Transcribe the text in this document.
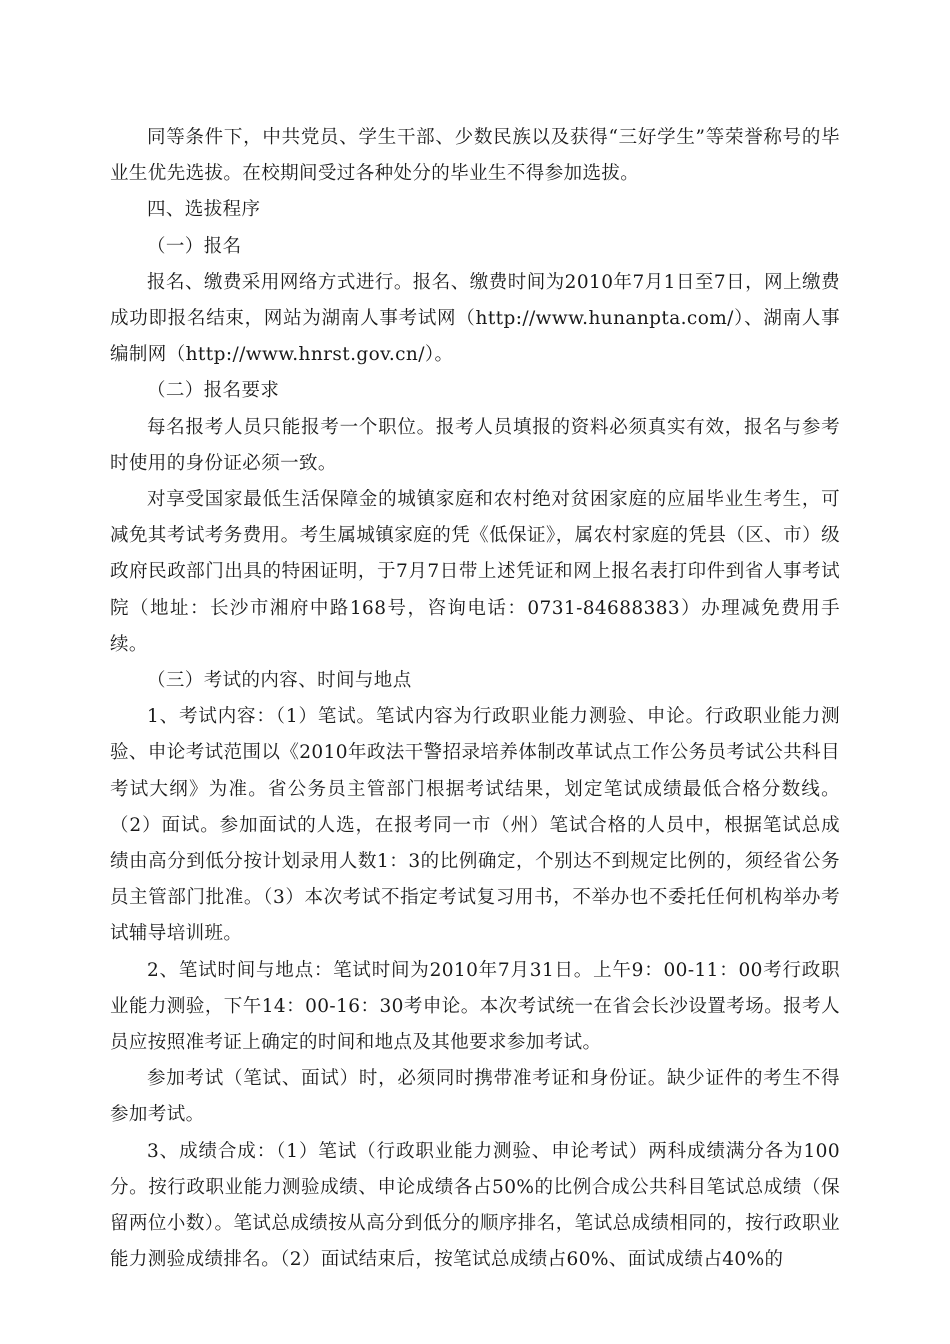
同等条件下，中共党员、学生干部、少数民族以及获得“三好学生”等荣誉称号的毕业生优先选拔。在校期间受过各种处分的毕业生不得参加选拔。

四、选拔程序

（一）报名

报名、缴费采用网络方式进行。报名、缴费时间为2010年7月1日至7日，网上缴费成功即报名结束，网站为湖南人事考试网（http://www.hunanpta.com/）、湖南人事编制网（http://www.hnrst.gov.cn/）。

（二）报名要求

每名报考人员只能报考一个职位。报考人员填报的资料必须真实有效，报名与参考时使用的身份证必须一致。

对享受国家最低生活保障金的城镇家庭和农村绝对贫困家庭的应届毕业生考生，可减免其考试考务费用。考生属城镇家庭的凭《低保证》，属农村家庭的凭县（区、市）级政府民政部门出具的特困证明，于7月7日带上述凭证和网上报名表打印件到省人事考试院（地址：长沙市湘府中路168号，咨询电话：0731-84688383）办理减免费用手续。

（三）考试的内容、时间与地点

1、考试内容：（1）笔试。笔试内容为行政职业能力测验、申论。行政职业能力测验、申论考试范围以《2010年政法干警招录培养体制改革试点工作公务员考试公共科目考试大纲》为准。省公务员主管部门根据考试结果，划定笔试成绩最低合格分数线。（2）面试。参加面试的人选，在报考同一市（州）笔试合格的人员中，根据笔试总成绩由高分到低分按计划录用人数1：3的比例确定，个别达不到规定比例的，须经省公务员主管部门批准。（3）本次考试不指定考试复习用书，不举办也不委托任何机构举办考试辅导培训班。

2、笔试时间与地点：笔试时间为2010年7月31日。上午9：00-11：00考行政职业能力测验，下午14：00-16：30考申论。本次考试统一在省会长沙设置考场。报考人员应按照准考证上确定的时间和地点及其他要求参加考试。

参加考试（笔试、面试）时，必须同时携带准考证和身份证。缺少证件的考生不得参加考试。

3、成绩合成：（1）笔试（行政职业能力测验、申论考试）两科成绩满分各为100分。按行政职业能力测验成绩、申论成绩各占50%的比例合成公共科目笔试总成绩（保留两位小数）。笔试总成绩按从高分到低分的顺序排名，笔试总成绩相同的，按行政职业能力测验成绩排名。（2）面试结束后，按笔试总成绩占60%、面试成绩占40%的
